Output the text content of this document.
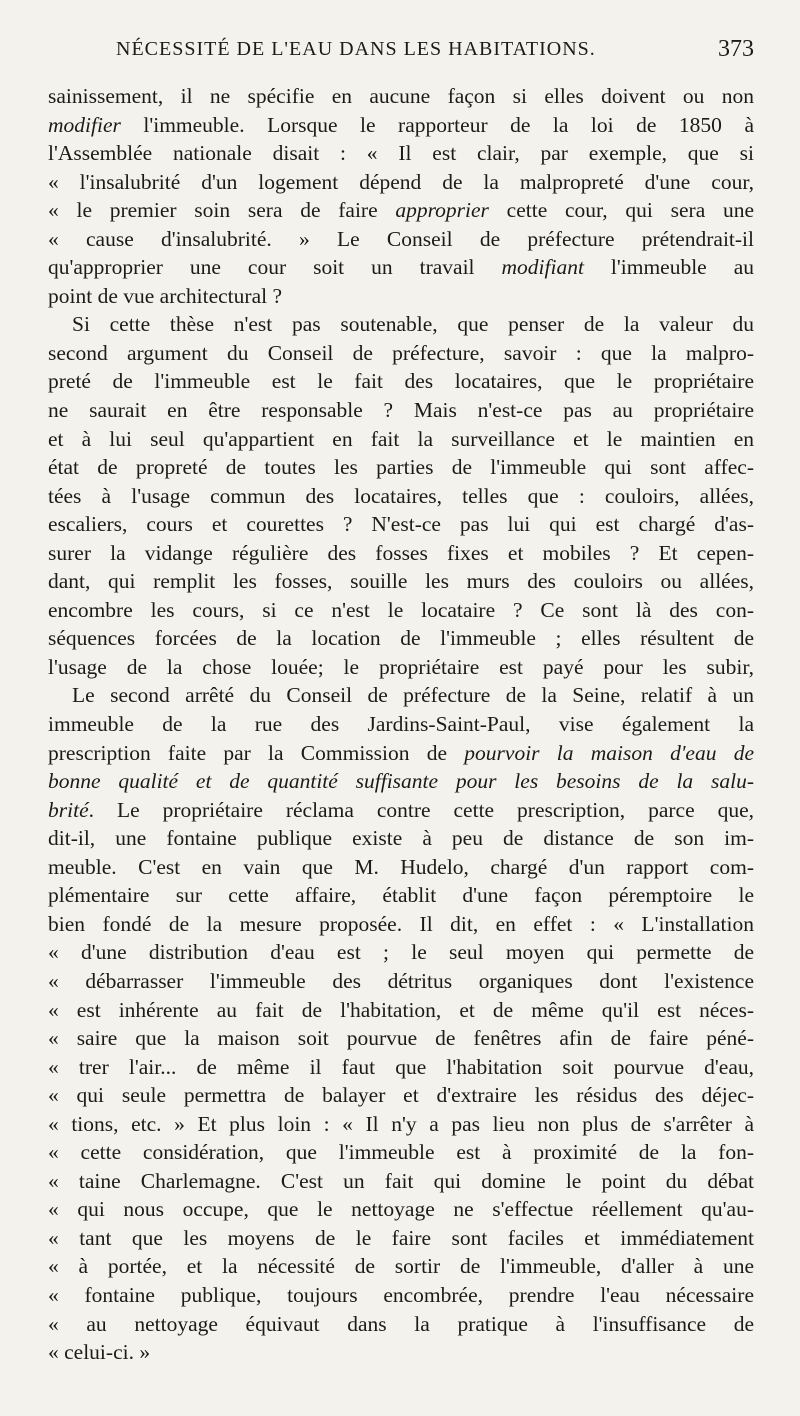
NÉCESSITÉ DE L'EAU DANS LES HABITATIONS.	373
sainissement, il ne spécifie en aucune façon si elles doivent ou non
modifier l'immeuble. Lorsque le rapporteur de la loi de 1850 à
l'Assemblée nationale disait : « Il est clair, par exemple, que si
« l'insalubrité d'un logement dépend de la malpropreté d'une cour,
« le premier soin sera de faire approprier cette cour, qui sera une
« cause d'insalubrité. » Le Conseil de préfecture prétendrait-il
qu'approprier une cour soit un travail modifiant l'immeuble au
point de vue architectural ?
Si cette thèse n'est pas soutenable, que penser de la valeur du
second argument du Conseil de préfecture, savoir : que la malpro-
preté de l'immeuble est le fait des locataires, que le propriétaire
ne saurait en être responsable ? Mais n'est-ce pas au propriétaire
et à lui seul qu'appartient en fait la surveillance et le maintien en
état de propreté de toutes les parties de l'immeuble qui sont affec-
tées à l'usage commun des locataires, telles que : couloirs, allées,
escaliers, cours et courettes ? N'est-ce pas lui qui est chargé d'as-
surer la vidange régulière des fosses fixes et mobiles ? Et cepen-
dant, qui remplit les fosses, souille les murs des couloirs ou allées,
encombre les cours, si ce n'est le locataire ? Ce sont là des con-
séquences forcées de la location de l'immeuble ; elles résultent de
l'usage de la chose louée; le propriétaire est payé pour les subir,
Le second arrêté du Conseil de préfecture de la Seine, relatif à un
immeuble de la rue des Jardins-Saint-Paul, vise également la
prescription faite par la Commission de pourvoir la maison d'eau de
bonne qualité et de quantité suffisante pour les besoins de la salu-
brité. Le propriétaire réclama contre cette prescription, parce que,
dit-il, une fontaine publique existe à peu de distance de son im-
meuble. C'est en vain que M. Hudelo, chargé d'un rapport com-
plémentaire sur cette affaire, établit d'une façon péremptoire le
bien fondé de la mesure proposée. Il dit, en effet : « L'installation
« d'une distribution d'eau est ; le seul moyen qui permette de
« débarrasser l'immeuble des détritus organiques dont l'existence
« est inhérente au fait de l'habitation, et de même qu'il est néces-
« saire que la maison soit pourvue de fenêtres afin de faire péné-
« trer l'air... de même il faut que l'habitation soit pourvue d'eau,
« qui seule permettra de balayer et d'extraire les résidus des déjec-
« tions, etc. » Et plus loin : « Il n'y a pas lieu non plus de s'arrêter à
« cette considération, que l'immeuble est à proximité de la fon-
« taine Charlemagne. C'est un fait qui domine le point du débat
« qui nous occupe, que le nettoyage ne s'effectue réellement qu'au-
« tant que les moyens de le faire sont faciles et immédiatement
« à portée, et la nécessité de sortir de l'immeuble, d'aller à une
« fontaine publique, toujours encombrée, prendre l'eau nécessaire
« au nettoyage équivaut dans la pratique à l'insuffisance de
« celui-ci. »
